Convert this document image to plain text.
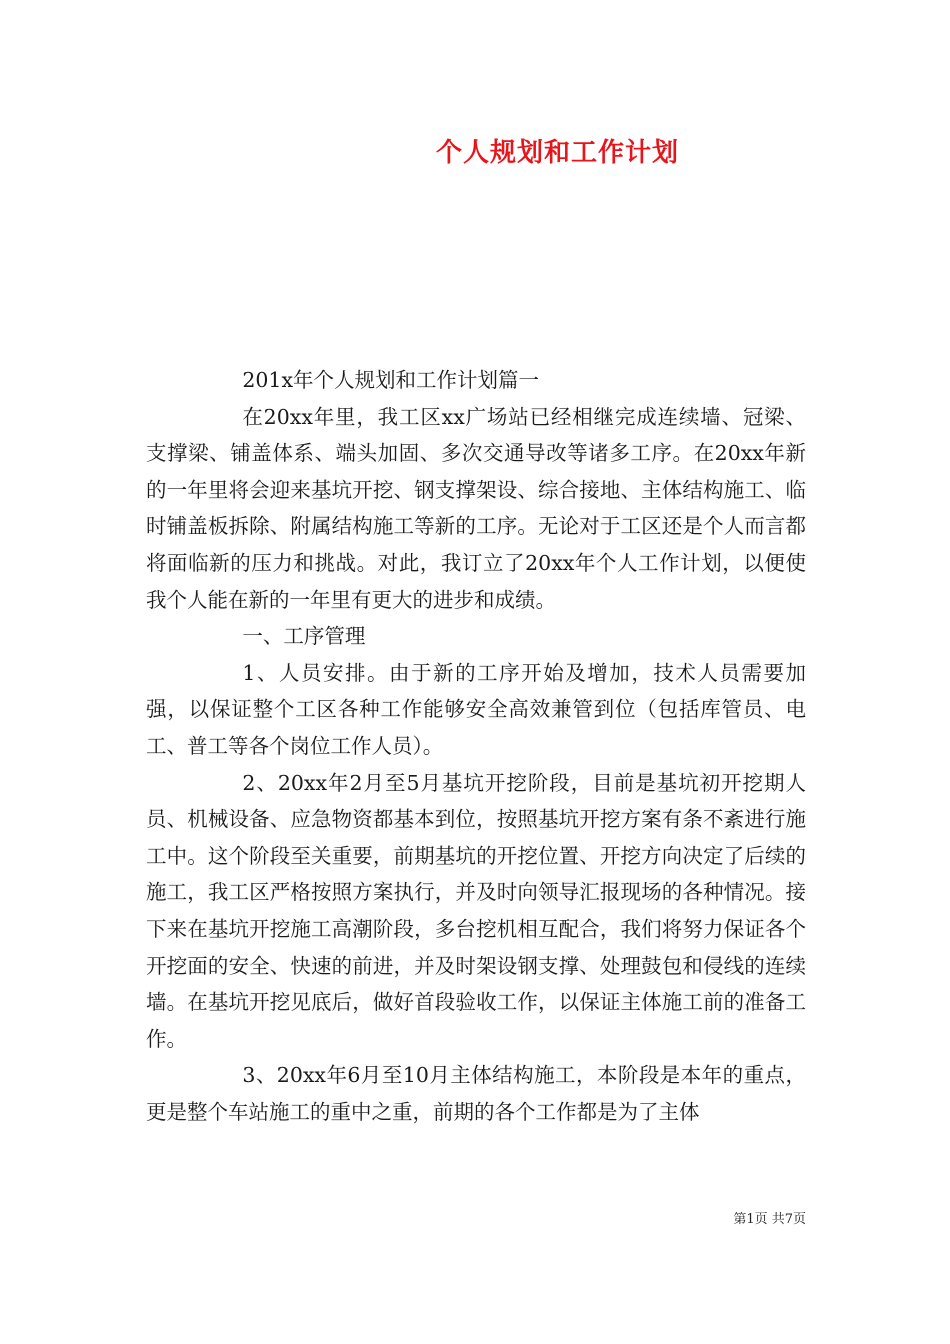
个人规划和工作计划

201x年个人规划和工作计划篇一

在20xx年里，我工区xx广场站已经相继完成连续墙、冠梁、支撑梁、铺盖体系、端头加固、多次交通导改等诸多工序。在20xx年新的一年里将会迎来基坑开挖、钢支撑架设、综合接地、主体结构施工、临时铺盖板拆除、附属结构施工等新的工序。无论对于工区还是个人而言都将面临新的压力和挑战。对此，我订立了20xx年个人工作计划，以便使我个人能在新的一年里有更大的进步和成绩。

一、工序管理

1、人员安排。由于新的工序开始及增加，技术人员需要加强，以保证整个工区各种工作能够安全高效兼管到位（包括库管员、电工、普工等各个岗位工作人员）。

2、20xx年2月至5月基坑开挖阶段，目前是基坑初开挖期人员、机械设备、应急物资都基本到位，按照基坑开挖方案有条不紊进行施工中。这个阶段至关重要，前期基坑的开挖位置、开挖方向决定了后续的施工，我工区严格按照方案执行，并及时向领导汇报现场的各种情况。接下来在基坑开挖施工高潮阶段，多台挖机相互配合，我们将努力保证各个开挖面的安全、快速的前进，并及时架设钢支撑、处理鼓包和侵线的连续墙。在基坑开挖见底后，做好首段验收工作，以保证主体施工前的准备工作。

3、20xx年6月至10月主体结构施工，本阶段是本年的重点，更是整个车站施工的重中之重，前期的各个工作都是为了主体

第1页 共7页
